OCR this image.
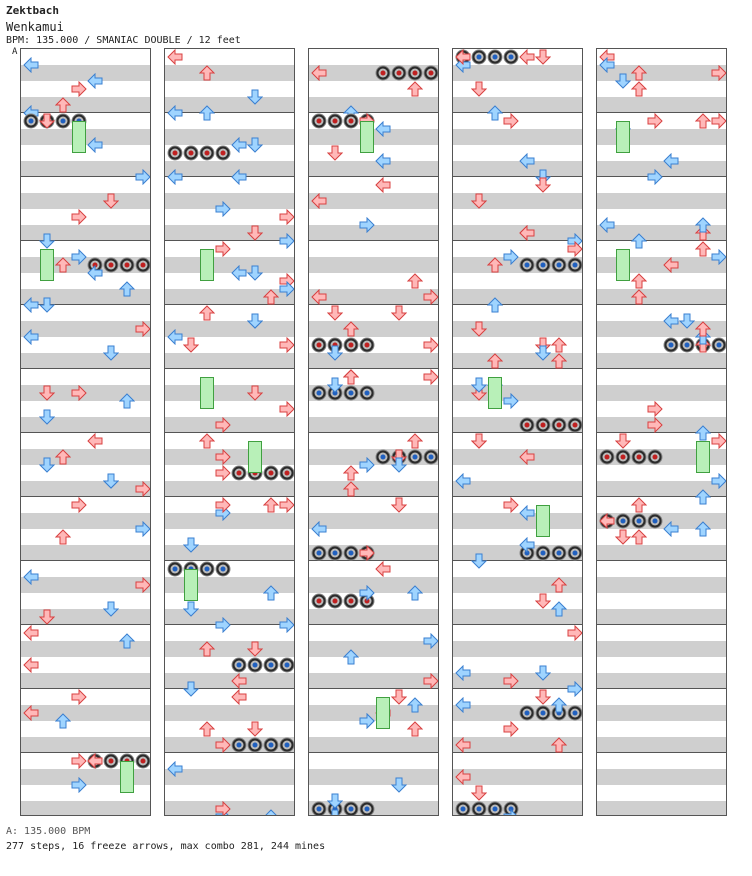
Zektbach
Wenkamui
BPM: 135.000 / SMANIAC DOUBLE / 12 feet
A
A: 135.000 BPM
277 steps, 16 freeze arrows, max combo 281, 244 mines
